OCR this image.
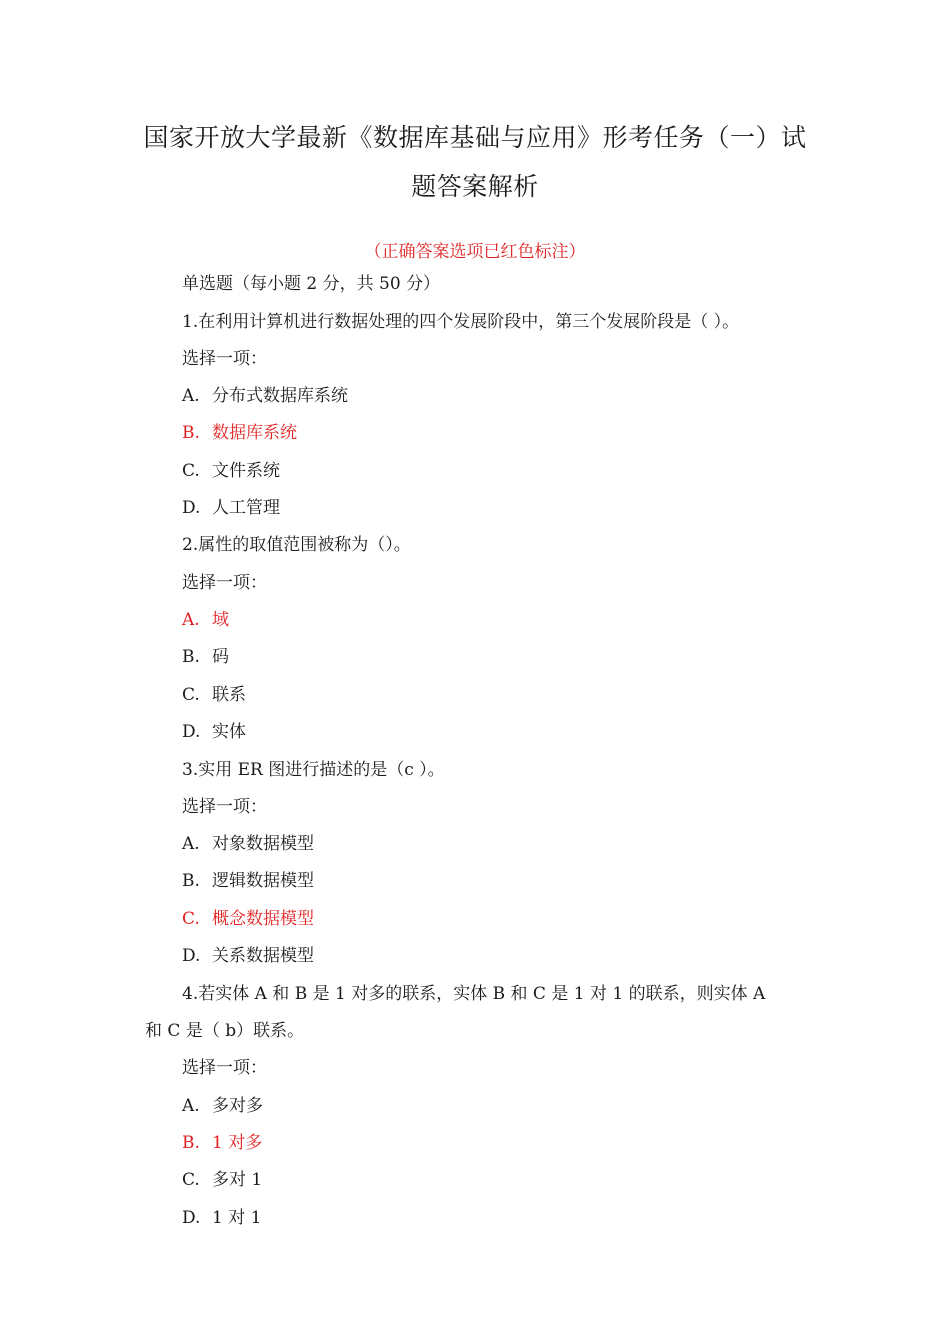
国家开放大学最新《数据库基础与应用》形考任务（一）试
题答案解析
（正确答案选项已红色标注）
单选题（每小题 2 分，共 50 分）
1.在利用计算机进行数据处理的四个发展阶段中，第三个发展阶段是（ ）。
选择一项：
A. 分布式数据库系统
B. 数据库系统
C. 文件系统
D. 人工管理
2.属性的取值范围被称为（）。
选择一项：
A. 域
B. 码
C. 联系
D. 实体
3.实用 ER 图进行描述的是（c ）。
选择一项：
A. 对象数据模型
B. 逻辑数据模型
C. 概念数据模型
D. 关系数据模型
4.若实体 A 和 B 是 1 对多的联系，实体 B 和 C 是 1 对 1 的联系，则实体 A
和 C 是（ b）联系。
选择一项：
A. 多对多
B. 1 对多
C. 多对 1
D. 1 对 1
